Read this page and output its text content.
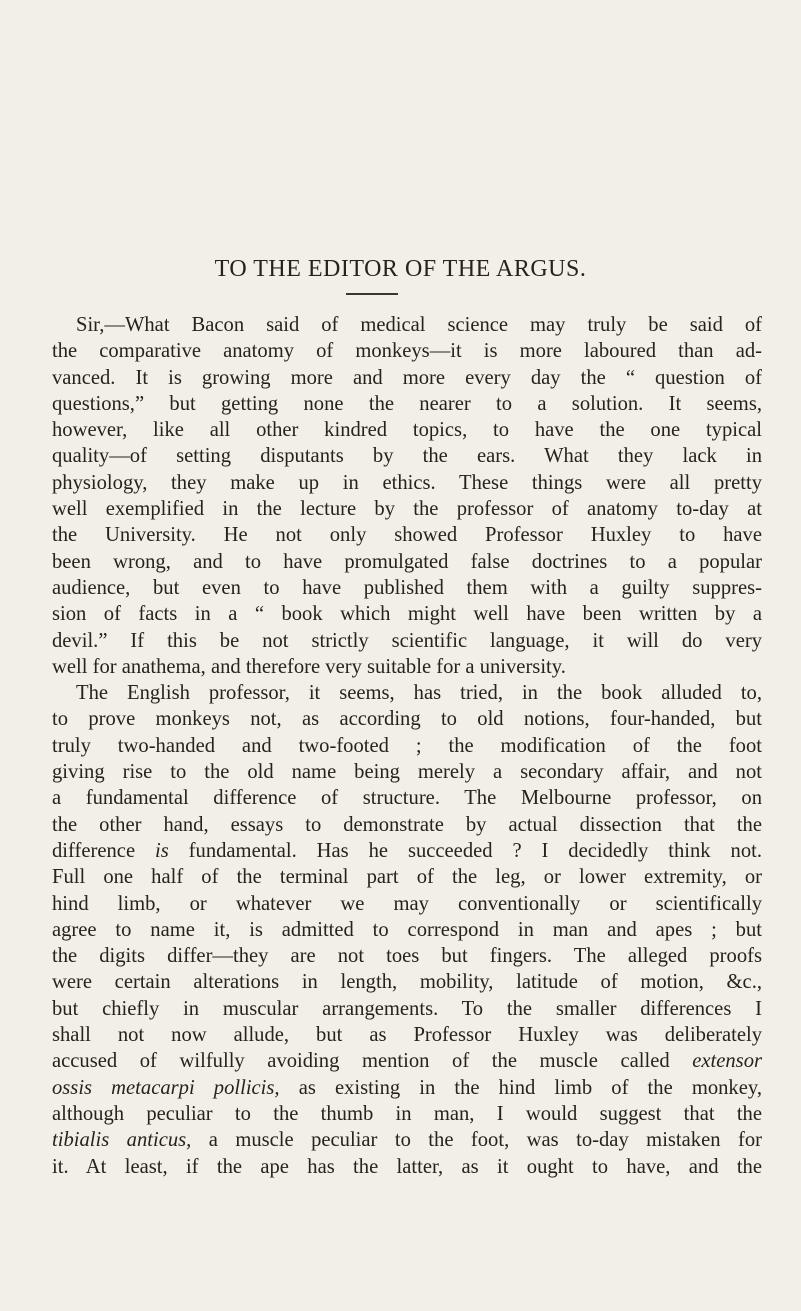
TO THE EDITOR OF THE ARGUS.
Sir,—What Bacon said of medical science may truly be said of
the comparative anatomy of monkeys—it is more laboured than ad-
vanced. It is growing more and more every day the “ question of
questions,” but getting none the nearer to a solution. It seems,
however, like all other kindred topics, to have the one typical
quality—of setting disputants by the ears. What they lack in
physiology, they make up in ethics. These things were all pretty
well exemplified in the lecture by the professor of anatomy to-day at
the University. He not only showed Professor Huxley to have
been wrong, and to have promulgated false doctrines to a popular
audience, but even to have published them with a guilty suppres-
sion of facts in a “ book which might well have been written by a
devil.” If this be not strictly scientific language, it will do very
well for anathema, and therefore very suitable for a university.
The English professor, it seems, has tried, in the book alluded to,
to prove monkeys not, as according to old notions, four-handed, but
truly two-handed and two-footed ; the modification of the foot
giving rise to the old name being merely a secondary affair, and not
a fundamental difference of structure. The Melbourne professor, on
the other hand, essays to demonstrate by actual dissection that the
difference is fundamental. Has he succeeded ? I decidedly think not.
Full one half of the terminal part of the leg, or lower extremity, or
hind limb, or whatever we may conventionally or scientifically
agree to name it, is admitted to correspond in man and apes ; but
the digits differ—they are not toes but fingers. The alleged proofs
were certain alterations in length, mobility, latitude of motion, &c.,
but chiefly in muscular arrangements. To the smaller differences I
shall not now allude, but as Professor Huxley was deliberately
accused of wilfully avoiding mention of the muscle called extensor
ossis metacarpi pollicis, as existing in the hind limb of the monkey,
although peculiar to the thumb in man, I would suggest that the
tibialis anticus, a muscle peculiar to the foot, was to-day mistaken for
it. At least, if the ape has the latter, as it ought to have, and the
